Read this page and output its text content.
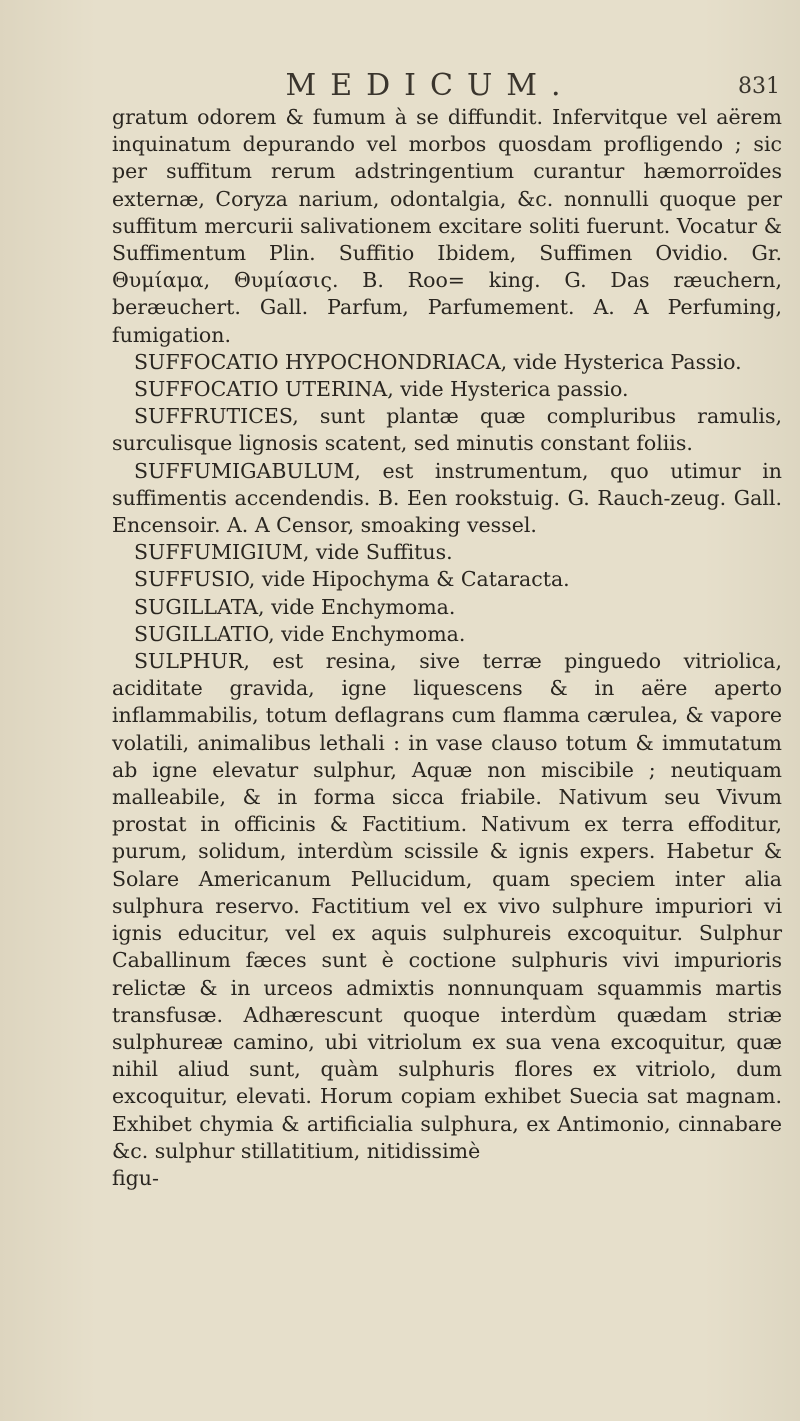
MEDICUM.	831

gratum odorem & fumum à se diffundit. Infervitque vel aërem inquinatum depurando vel morbos quosdam profligendo ; sic per suffitum rerum adstringentium curantur hæmorroïdes externæ, Coryza narium, odontalgia, &c. nonnulli quoque per suffitum mercurii salivationem excitare soliti fuerunt. Vocatur & Suffimentum Plin. Suffitio Ibidem, Suffimen Ovidio. Gr. Θυμίαμα, Θυμίασις. B. Roo= king. G. Das ræuchern, beræuchert. Gall. Parfum, Parfumement. A. A Perfuming, fumigation.

SUFFOCATIO HYPOCHONDRIACA, vide Hysterica Passio.

SUFFOCATIO UTERINA, vide Hysterica passio.

SUFFRUTICES, sunt plantæ quæ compluribus ramulis, surculisque lignosis scatent, sed minutis constant foliis.

SUFFUMIGABULUM, est instrumentum, quo utimur in suffimentis accendendis. B. Een rookstuig. G. Rauch-zeug. Gall. Encensoir. A. A Censor, smoaking vessel.

SUFFUMIGIUM, vide Suffitus.

SUFFUSIO, vide Hipochyma & Cataracta.

SUGILLATA, vide Enchymoma.

SUGILLATIO, vide Enchymoma.

SULPHUR, est resina, sive terræ pinguedo vitriolica, aciditate gravida, igne liquescens & in aëre aperto inflammabilis, totum deflagrans cum flamma cærulea, & vapore volatili, animalibus lethali : in vase clauso totum & immutatum ab igne elevatur sulphur, Aquæ non miscibile ; neutiquam malleabile, & in forma sicca friabile. Nativum seu Vivum prostat in officinis & Factitium. Nativum ex terra effoditur, purum, solidum, interdùm scissile & ignis expers. Habetur & Solare Americanum Pellucidum, quam speciem inter alia sulphura reservo. Factitium vel ex vivo sulphure impuriori vi ignis educitur, vel ex aquis sulphureis excoquitur. Sulphur Caballinum fæces sunt è coctione sulphuris vivi impurioris relictæ & in urceos admixtis nonnunquam squammis martis transfusæ. Adhærescunt quoque interdùm quædam striæ sulphureæ camino, ubi vitriolum ex sua vena excoquitur, quæ nihil aliud sunt, quàm sulphuris flores ex vitriolo, dum excoquitur, elevati. Horum copiam exhibet Suecia sat magnam. Exhibet chymia & artificialia sulphura, ex Antimonio, cinnabare &c. sulphur stillatitium, nitidissimè

figu-
